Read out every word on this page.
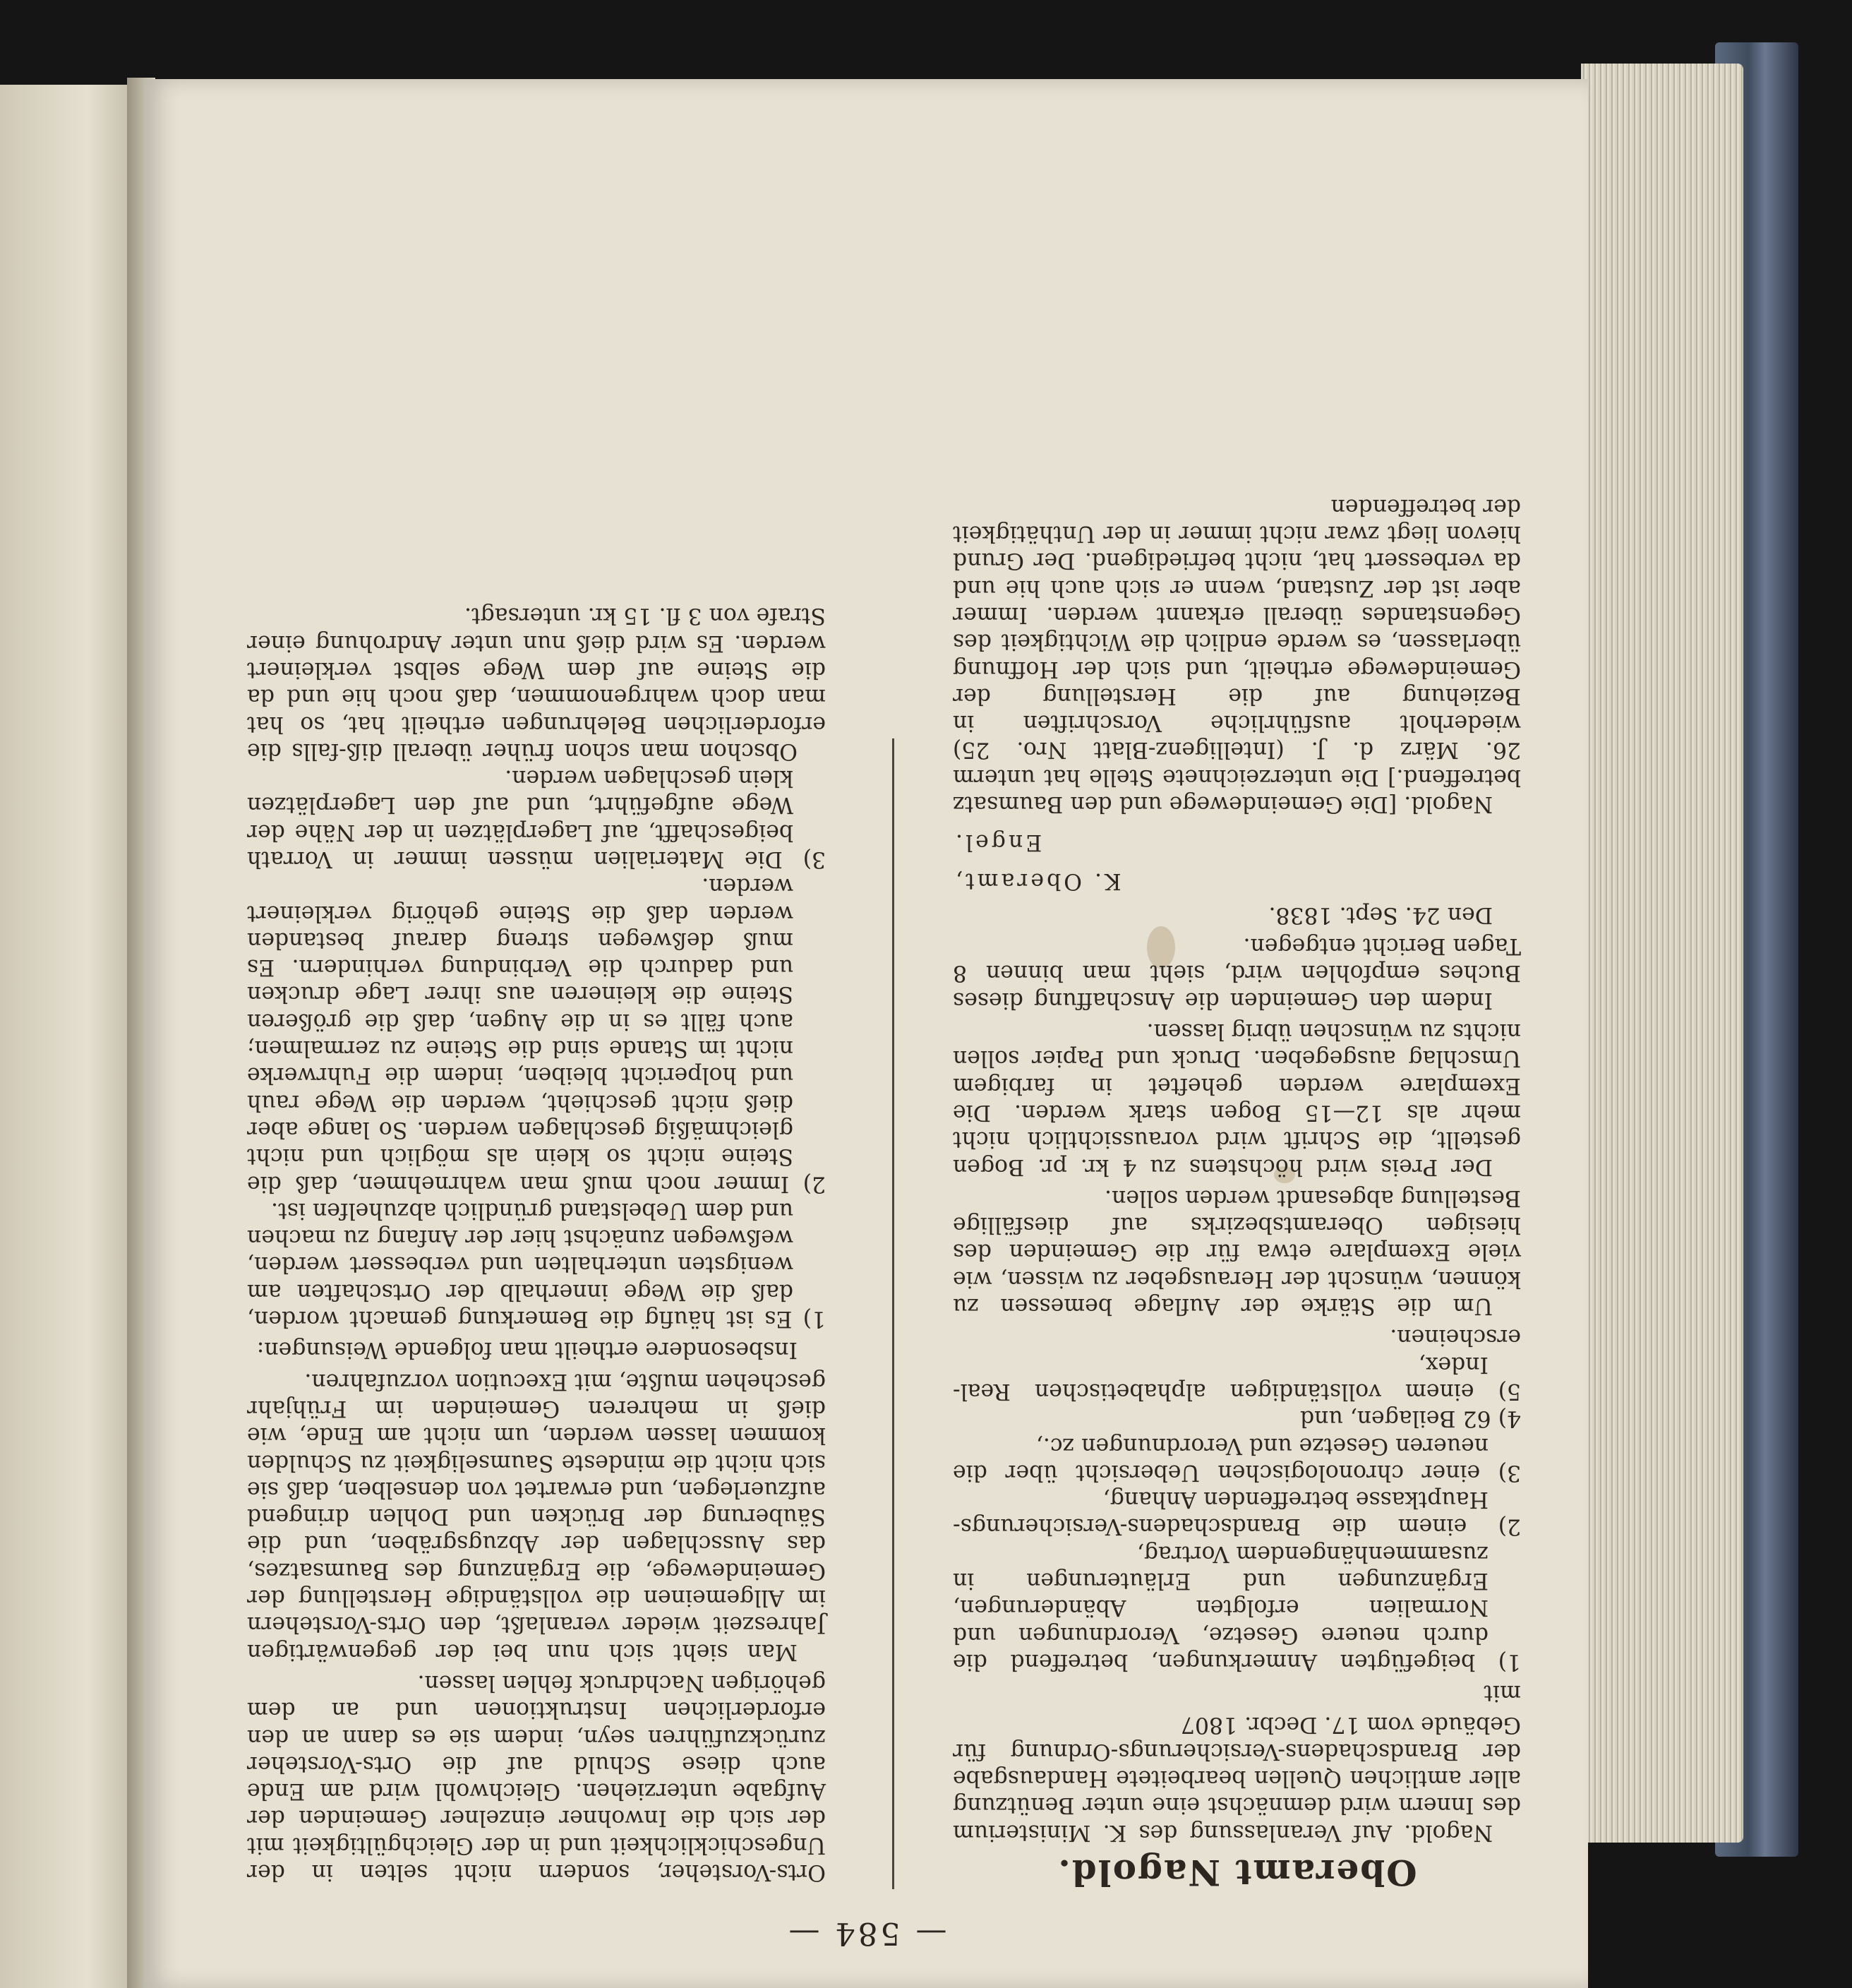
— 584 —
Oberamt Nagold.

Nagold. Auf Veranlassung des K. Ministerium des Innern wird demnächst eine unter Benützung aller amtlichen Quellen bearbeitete Handausgabe der Brandschadens-Versicherungs-Ordnung für Gebäude vom 17. Decbr. 1807

mit

1) beigefügten Anmerkungen, betreffend die durch neuere Gesetze, Verordnungen und Normalien erfolgten Abänderungen, Ergänzungen und Erläuterungen in zusammenhängendem Vortrag,

2) einem die Brandschadens-Versicherungs-Hauptkasse betreffenden Anhang,

3) einer chronologischen Uebersicht über die neueren Gesetze und Verordnungen zc.,

4) 62 Beilagen, und

5) einem vollständigen alphabetischen Real-Index,

erscheinen.

Um die Stärke der Auflage bemessen zu können, wünscht der Herausgeber zu wissen, wie viele Exemplare etwa für die Gemeinden des hiesigen Oberamtsbezirks auf diesfällige Bestellung abgesandt werden sollen.

Der Preis wird höchstens zu 4 kr. pr. Bogen gestellt, die Schrift wird voraussichtlich nicht mehr als 12—15 Bogen stark werden. Die Exemplare werden geheftet in farbigem Umschlag ausgegeben. Druck und Papier sollen nichts zu wünschen übrig lassen.

Indem den Gemeinden die Anschaffung dieses Buches empfohlen wird, sieht man binnen 8 Tagen Bericht entgegen.

Den 24. Sept. 1838.

K. Oberamt,
Engel.

Nagold. [Die Gemeindewege und den Baumsatz betreffend.] Die unterzeichnete Stelle hat unterm 26. März d. J. (Intelligenz-Blatt Nro. 25) wiederholt ausführliche Vorschriften in Beziehung auf die Herstellung der Gemeindewege ertheilt, und sich der Hoffnung überlassen, es werde endlich die Wichtigkeit des Gegenstandes überall erkannt werden. Immer aber ist der Zustand, wenn er sich auch hie und da verbessert hat, nicht befriedigend. Der Grund hievon liegt zwar nicht immer in der Unthätigkeit der betreffenden

Orts-Vorsteher, sondern nicht selten in der Ungeschicklichkeit und in der Gleichgültigkeit mit der sich die Inwohner einzelner Gemeinden der Aufgabe unterziehen. Gleichwohl wird am Ende auch diese Schuld auf die Orts-Vorsteher zurückzuführen seyn, indem sie es dann an den erforderlichen Instruktionen und an dem gehörigen Nachdruck fehlen lassen.

Man sieht sich nun bei der gegenwärtigen Jahreszeit wieder veranlaßt, den Orts-Vorstehern im Allgemeinen die vollständige Herstellung der Gemeindewege, die Ergänzung des Baumsatzes, das Ausschlagen der Abzugsgräben, und die Säuberung der Brücken und Dohlen dringend aufzuerlegen, und erwartet von denselben, daß sie sich nicht die mindeste Saumseligkeit zu Schulden kommen lassen werden, um nicht am Ende, wie dieß in mehreren Gemeinden im Frühjahr geschehen mußte, mit Execution vorzufahren.

Insbesondere ertheilt man folgende Weisungen:

1) Es ist häufig die Bemerkung gemacht worden, daß die Wege innerhalb der Ortschaften am wenigsten unterhalten und verbessert werden, weßwegen zunächst hier der Anfang zu machen und dem Uebelstand gründlich abzuhelfen ist.

2) Immer noch muß man wahrnehmen, daß die Steine nicht so klein als möglich und nicht gleichmäßig geschlagen werden. So lange aber dieß nicht geschieht, werden die Wege rauh und holpericht bleiben, indem die Fuhrwerke nicht im Stande sind die Steine zu zermalmen; auch fällt es in die Augen, daß die größeren Steine die kleineren aus ihrer Lage drucken und dadurch die Verbindung verhindern. Es muß deßwegen streng darauf bestanden werden daß die Steine gehörig verkleinert werden.

3) Die Materialien müssen immer in Vorrath beigeschafft, auf Lagerplätzen in der Nähe der Wege aufgeführt, und auf den Lagerplätzen klein geschlagen werden.

Obschon man schon früher überall diß-falls die erforderlichen Belehrungen ertheilt hat, so hat man doch wahrgenommen, daß noch hie und da die Steine auf dem Wege selbst verkleinert werden. Es wird dieß nun unter Androhung einer Strafe von 3 fl. 15 kr. untersagt.
